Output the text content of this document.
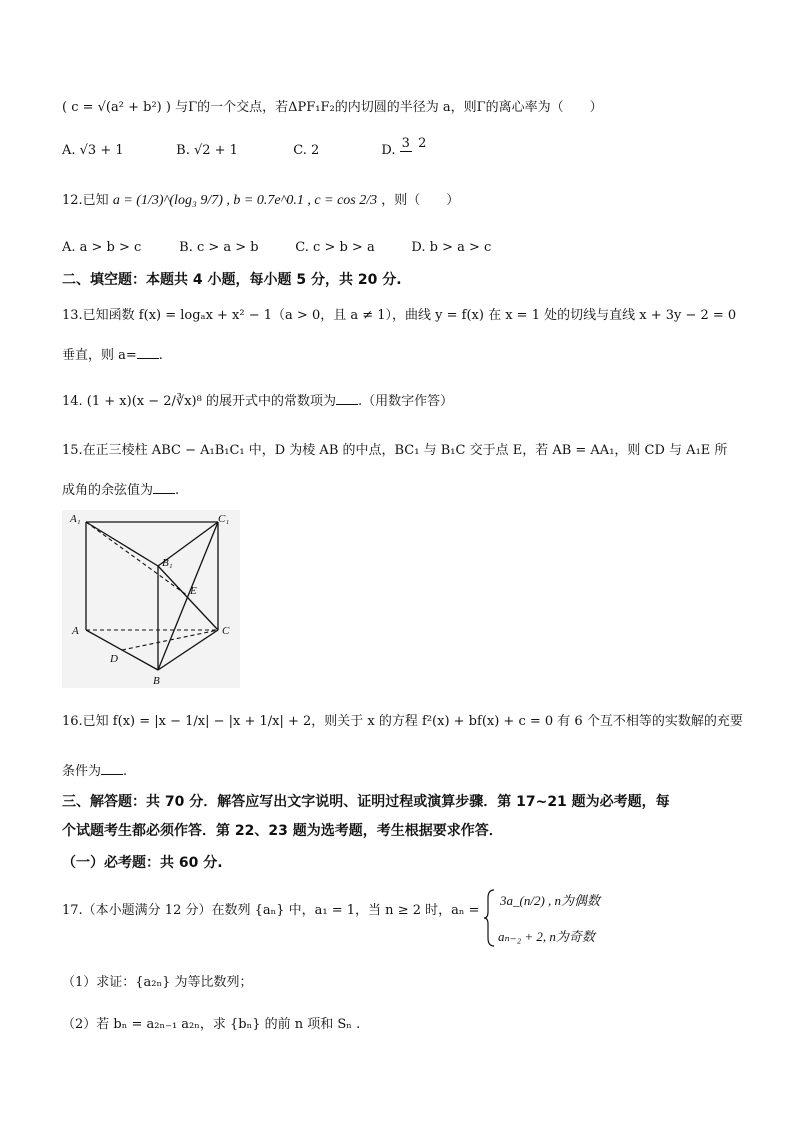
( c = √(a² + b²) ) 与Γ的一个交点，若ΔPF₁F₂的内切圆的半径为 a，则Γ的离心率为（　　）
A. √3 + 1	B. √2 + 1	C. 2	D. 3 2
12.已知 a = (1/3)^(log₃ 9/7) , b = 0.7e^0.1 , c = cos 2/3 ，则（　　）
A. a > b > c	B. c > a > b	C. c > b > a	D. b > a > c
二、填空题：本题共 4 小题，每小题 5 分，共 20 分.
13.已知函数 f(x) = logₐx + x² − 1（a > 0，且 a ≠ 1），曲线 y = f(x) 在 x = 1 处的切线与直线 x + 3y − 2 = 0
垂直，则 a= .
14. (1 + x)(x − 2/∛x)⁸ 的展开式中的常数项为 .（用数字作答）
15.在正三棱柱 ABC − A₁B₁C₁ 中，D 为棱 AB 的中点，BC₁ 与 B₁C 交于点 E，若 AB = AA₁，则 CD 与 A₁E 所
成角的余弦值为 .
A₁	C₁
B₁
E
A	C
D
B
16.已知 f(x) = |x − 1/x| − |x + 1/x| + 2，则关于 x 的方程 f²(x) + bf(x) + c = 0 有 6 个互不相等的实数解的充要
条件为 .
三、解答题：共 70 分．解答应写出文字说明、证明过程或演算步骤．第 17~21 题为必考题，每
个试题考生都必须作答．第 22、23 题为选考题，考生根据要求作答．
（一）必考题：共 60 分.
17.（本小题满分 12 分）在数列 {aₙ} 中，a₁ = 1，当 n ≥ 2 时，aₙ =
3a_(n/2) , n为偶数
aₙ₋₂ + 2, n为奇数
（1）求证：{a₂ₙ} 为等比数列；
（2）若 bₙ = a₂ₙ₋₁ a₂ₙ，求 {bₙ} 的前 n 项和 Sₙ .
